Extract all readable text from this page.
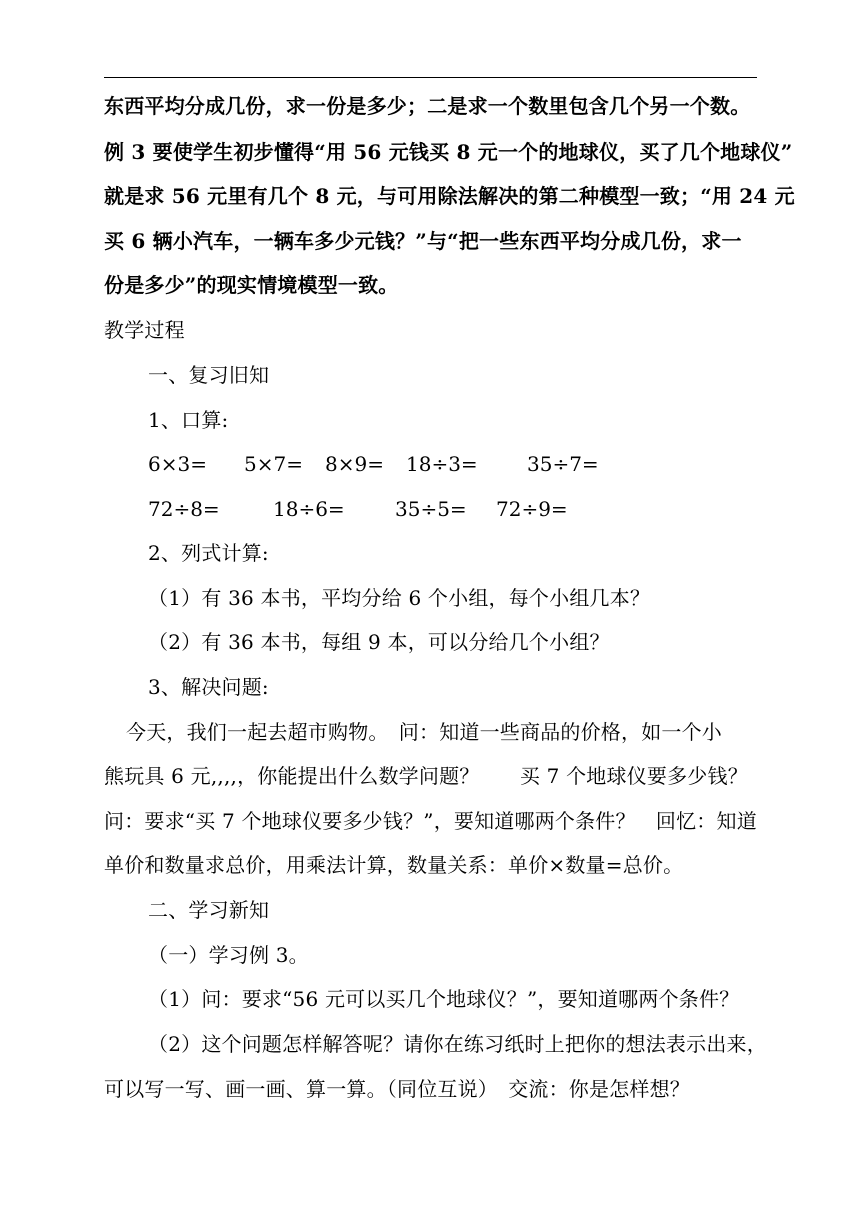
东西平均分成几份，求一份是多少；二是求一个数里包含几个另一个数。
例 3 要使学生初步懂得“用 56 元钱买 8 元一个的地球仪，买了几个地球仪”
就是求 56 元里有几个 8 元，与可用除法解决的第二种模型一致；“用 24 元
买 6 辆小汽车，一辆车多少元钱？”与“把一些东西平均分成几份，求一
份是多少”的现实情境模型一致。
教学过程
一、复习旧知
1、口算:
6×3= 5×7= 8×9= 18÷3= 35÷7=
72÷8=	18÷6=	35÷5= 72÷9=
2、列式计算:
（1）有 36 本书，平均分给 6 个小组，每个小组几本？
（2）有 36 本书，每组 9 本，可以分给几个小组？
3、解决问题:
今天，我们一起去超市购物。　问：知道一些商品的价格，如一个小
熊玩具 6 元,,,,，你能提出什么数学问题？　　买 7 个地球仪要多少钱？
问：要求“买 7 个地球仪要多少钱？”，要知道哪两个条件？　回忆：知道
单价和数量求总价，用乘法计算，数量关系：单价×数量=总价。
二、学习新知
（一）学习例 3。
（1）问：要求“56 元可以买几个地球仪？”，要知道哪两个条件？
（2）这个问题怎样解答呢？请你在练习纸时上把你的想法表示出来，
可以写一写、画一画、算一算。（同位互说）　交流：你是怎样想？
